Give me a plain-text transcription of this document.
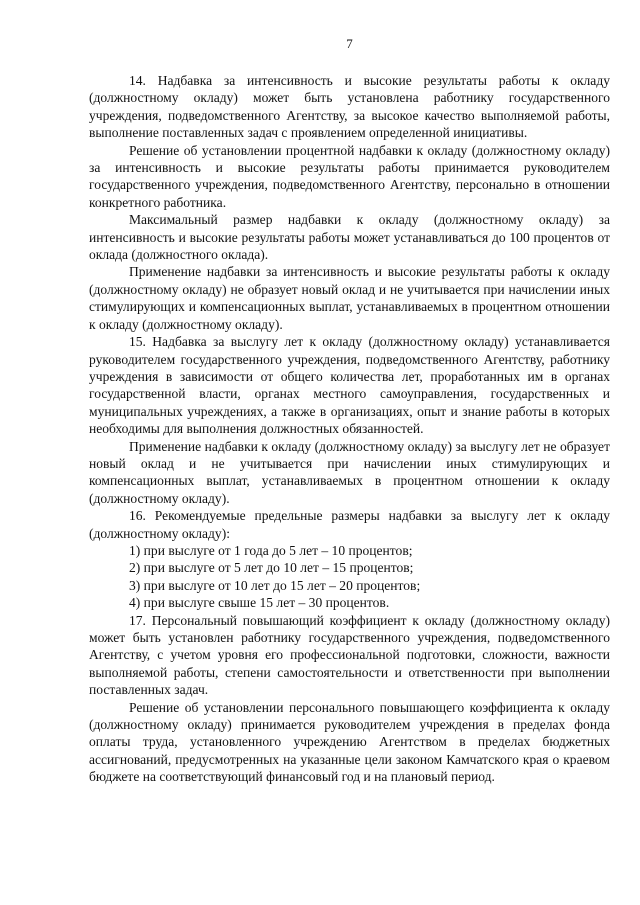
7

14. Надбавка за интенсивность и высокие результаты работы к окладу (должностному окладу) может быть установлена работнику государственного учреждения, подведомственного Агентству, за высокое качество выполняемой работы, выполнение поставленных задач с проявлением определенной инициативы.

Решение об установлении процентной надбавки к окладу (должностному окладу) за интенсивность и высокие результаты работы принимается руководителем государственного учреждения, подведомственного Агентству, персонально в отношении конкретного работника.

Максимальный размер надбавки к окладу (должностному окладу) за интенсивность и высокие результаты работы может устанавливаться до 100 процентов от оклада (должностного оклада).

Применение надбавки за интенсивность и высокие результаты работы к окладу (должностному окладу) не образует новый оклад и не учитывается при начислении иных стимулирующих и компенсационных выплат, устанавливаемых в процентном отношении к окладу (должностному окладу).

15. Надбавка за выслугу лет к окладу (должностному окладу) устанавливается руководителем государственного учреждения, подведомственного Агентству, работнику учреждения в зависимости от общего количества лет, проработанных им в органах государственной власти, органах местного самоуправления, государственных и муниципальных учреждениях, а также в организациях, опыт и знание работы в которых необходимы для выполнения должностных обязанностей.

Применение надбавки к окладу (должностному окладу) за выслугу лет не образует новый оклад и не учитывается при начислении иных стимулирующих и компенсационных выплат, устанавливаемых в процентном отношении к окладу (должностному окладу).

16. Рекомендуемые предельные размеры надбавки за выслугу лет к окладу (должностному окладу):

1) при выслуге от 1 года до 5 лет – 10 процентов;

2) при выслуге от 5 лет до 10 лет – 15 процентов;

3) при выслуге от 10 лет до 15 лет – 20 процентов;

4) при выслуге свыше 15 лет – 30 процентов.

17. Персональный повышающий коэффициент к окладу (должностному окладу) может быть установлен работнику государственного учреждения, подведомственного Агентству, с учетом уровня его профессиональной подготовки, сложности, важности выполняемой работы, степени самостоятельности и ответственности при выполнении поставленных задач.

Решение об установлении персонального повышающего коэффициента к окладу (должностному окладу) принимается руководителем учреждения в пределах фонда оплаты труда, установленного учреждению Агентством в пределах бюджетных ассигнований, предусмотренных на указанные цели законом Камчатского края о краевом бюджете на соответствующий финансовый год и на плановый период.
